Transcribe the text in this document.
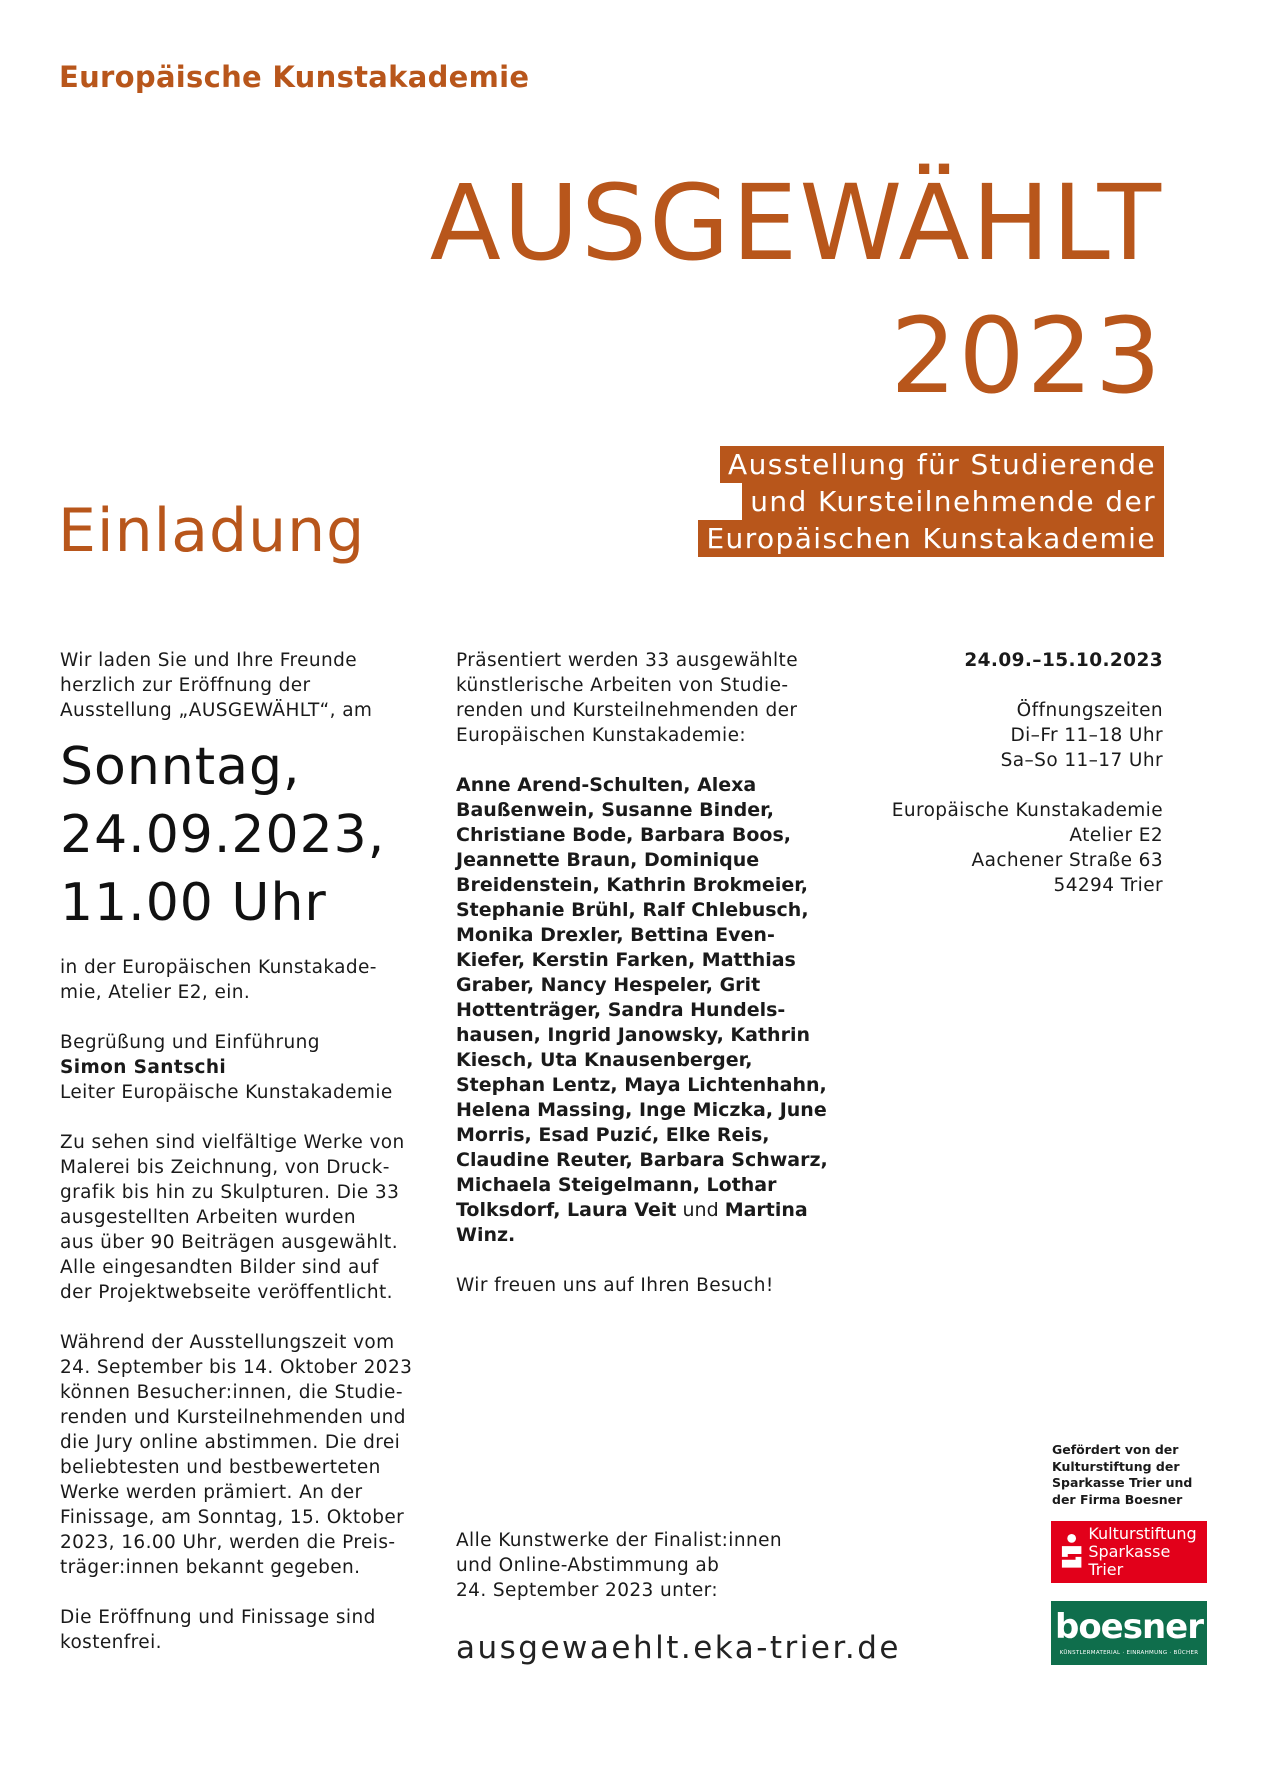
Europäische Kunstakademie
AUSGEWÄHLT
2023
Ausstellung für Studierende
und Kursteilnehmende der
Europäischen Kunstakademie
Einladung

Wir laden Sie und Ihre Freunde
herzlich zur Eröffnung der
Ausstellung „AUSGEWÄHLT“, am

Sonntag,
24.09.2023,
11.00 Uhr

in der Europäischen Kunstakade-
mie, Atelier E2, ein.

Begrüßung und Einführung
Simon Santschi
Leiter Europäische Kunstakademie

Zu sehen sind vielfältige Werke von
Malerei bis Zeichnung, von Druck-
grafik bis hin zu Skulpturen. Die 33
ausgestellten Arbeiten wurden
aus über 90 Beiträgen ausgewählt.
Alle eingesandten Bilder sind auf
der Projektwebseite veröffentlicht.

Während der Ausstellungszeit vom
24. September bis 14. Oktober 2023
können Besucher:innen, die Studie-
renden und Kursteilnehmenden und
die Jury online abstimmen. Die drei
beliebtesten und bestbewerteten
Werke werden prämiert. An der
Finissage, am Sonntag, 15. Oktober
2023, 16.00 Uhr, werden die Preis-
träger:innen bekannt gegeben.

Die Eröffnung und Finissage sind
kostenfrei.

Präsentiert werden 33 ausgewählte
künstlerische Arbeiten von Studie-
renden und Kursteilnehmenden der
Europäischen Kunstakademie:

Anne Arend-Schulten, Alexa
Baußenwein, Susanne Binder,
Christiane Bode, Barbara Boos,
Jeannette Braun, Dominique
Breidenstein, Kathrin Brokmeier,
Stephanie Brühl, Ralf Chlebusch,
Monika Drexler, Bettina Even-
Kiefer, Kerstin Farken, Matthias
Graber, Nancy Hespeler, Grit
Hottenträger, Sandra Hundels-
hausen, Ingrid Janowsky, Kathrin
Kiesch, Uta Knausenberger,
Stephan Lentz, Maya Lichtenhahn,
Helena Massing, Inge Miczka, June
Morris, Esad Puzić, Elke Reis,
Claudine Reuter, Barbara Schwarz,
Michaela Steigelmann, Lothar
Tolksdorf, Laura Veit und Martina
Winz.

Wir freuen uns auf Ihren Besuch!

Alle Kunstwerke der Finalist:innen
und Online-Abstimmung ab
24. September 2023 unter:

ausgewaehlt.eka-trier.de
24.09.–15.10.2023

Öffnungszeiten
Di–Fr 11–18 Uhr
Sa–So 11–17 Uhr

Europäische Kunstakademie
Atelier E2
Aachener Straße 63
54294 Trier

Gefördert von der
Kulturstiftung der
Sparkasse Trier und
der Firma Boesner
Kulturstiftung
Sparkasse Trier
boesner
KÜNSTLERMATERIAL · EINRAHMUNG · BÜCHER
